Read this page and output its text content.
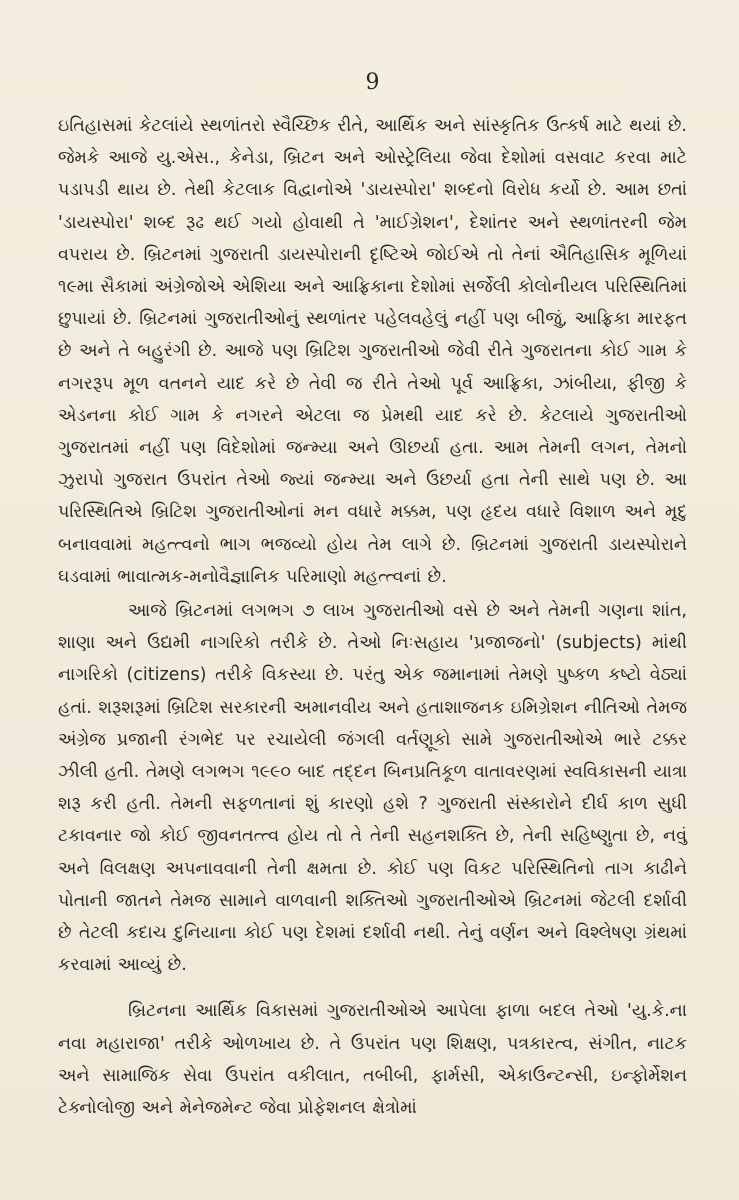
9

ઇતિહાસમાં કેટલાંયે સ્થળાંતરો સ્વૈચ્છિક રીતે, આર્થિક અને સાંસ્કૃતિક ઉત્કર્ષ માટે થયાં છે. જેમકે આજે યુ.એસ., કેનેડા, બ્રિટન અને ઓસ્ટ્રેલિયા જેવા દેશોમાં વસવાટ કરવા માટે પડાપડી થાય છે. તેથી કેટલાક વિદ્વાનોએ 'ડાયસ્પોરા' શબ્દનો વિરોધ કર્યો છે. આમ છતાં 'ડાયસ્પોરા' શબ્દ રૂઢ થઈ ગયો હોવાથી તે 'માઈગ્રેશન', દેશાંતર અને સ્થળાંતરની જેમ વપરાય છે. બ્રિટનમાં ગુજરાતી ડાયસ્પોરાની દૃષ્ટિએ જોઈએ તો તેનાં ઐતિહાસિક મૂળિયાં ૧૯મા સૈકામાં અંગ્રેજોએ એશિયા અને આફ્રિકાના દેશોમાં સર્જેલી કોલોનીયલ પરિસ્થિતિમાં છુપાયાં છે. બ્રિટનમાં ગુજરાતીઓનું સ્થળાંતર પહેલવહેલું નહીં પણ બીજું, આફ્રિકા મારફત છે અને તે બહુરંગી છે. આજે પણ બ્રિટિશ ગુજરાતીઓ જેવી રીતે ગુજરાતના કોઈ ગામ કે નગરરૂપ મૂળ વતનને યાદ કરે છે તેવી જ રીતે તેઓ પૂર્વ આફ્રિકા, ઝાંબીયા, ફીજી કે એડનના કોઈ ગામ કે નગરને એટલા જ પ્રેમથી યાદ કરે છે. કેટલાયે ગુજરાતીઓ ગુજરાતમાં નહીં પણ વિદેશોમાં જન્મ્યા અને ઊછર્યા હતા. આમ તેમની લગન, તેમનો ઝુરાપો ગુજરાત ઉપરાંત તેઓ જ્યાં જન્મ્યા અને ઉછર્યા હતા તેની સાથે પણ છે. આ પરિસ્થિતિએ બ્રિટિશ ગુજરાતીઓનાં મન વધારે મક્કમ, પણ હૃદય વધારે વિશાળ અને મૃદુ બનાવવામાં મહત્ત્વનો ભાગ ભજવ્યો હોય તેમ લાગે છે. બ્રિટનમાં ગુજરાતી ડાયસ્પોરાને ઘડવામાં ભાવાત્મક-મનોવૈજ્ઞાનિક પરિમાણો મહત્ત્વનાં છે.

આજે બ્રિટનમાં લગભગ ૭ લાખ ગુજરાતીઓ વસે છે અને તેમની ગણના શાંત, શાણા અને ઉદ્યમી નાગરિકો તરીકે છે. તેઓ નિઃસહાય 'પ્રજાજનો' (subjects) માંથી નાગરિકો (citizens) તરીકે વિકસ્યા છે. પરંતુ એક જમાનામાં તેમણે પુષ્કળ કષ્ટો વેઠ્યાં હતાં. શરૂશરૂમાં બ્રિટિશ સરકારની અમાનવીય અને હતાશાજનક ઇમિગ્રેશન નીતિઓ તેમજ અંગ્રેજ પ્રજાની રંગભેદ પર રચાયેલી જંગલી વર્તણૂકો સામે ગુજરાતીઓએ ભારે ટક્કર ઝીલી હતી. તેમણે લગભગ ૧૯૯૦ બાદ તદ્દન બિનપ્રતિકૂળ વાતાવરણમાં સ્વવિકાસની યાત્રા શરૂ કરી હતી. તેમની સફળતાનાં શું કારણો હશે ? ગુજરાતી સંસ્કારોને દીર્ઘ કાળ સુધી ટકાવનાર જો કોઈ જીવનતત્ત્વ હોય તો તે તેની સહનશક્તિ છે, તેની સહિષ્ણુતા છે, નવું અને વિલક્ષણ અપનાવવાની તેની ક્ષમતા છે. કોઈ પણ વિકટ પરિસ્થિતિનો તાગ કાઢીને પોતાની જાતને તેમજ સામાને વાળવાની શક્તિઓ ગુજરાતીઓએ બ્રિટનમાં જેટલી દર્શાવી છે તેટલી કદાચ દુનિયાના કોઈ પણ દેશમાં દર્શાવી નથી. તેનું વર્ણન અને વિશ્લેષણ ગ્રંથમાં કરવામાં આવ્યું છે.

બ્રિટનના આર્થિક વિકાસમાં ગુજરાતીઓએ આપેલા ફાળા બદલ તેઓ 'યુ.કે.ના નવા મહારાજા' તરીકે ઓળખાય છે. તે ઉપરાંત પણ શિક્ષણ, પત્રકારત્વ, સંગીત, નાટક અને સામાજિક સેવા ઉપરાંત વકીલાત, તબીબી, ફાર્મસી, એકાઉન્ટન્સી, ઇન્ફોર્મેશન ટેક્નોલોજી અને મેનેજમેન્ટ જેવા પ્રોફેશનલ ક્ષેત્રોમાં
